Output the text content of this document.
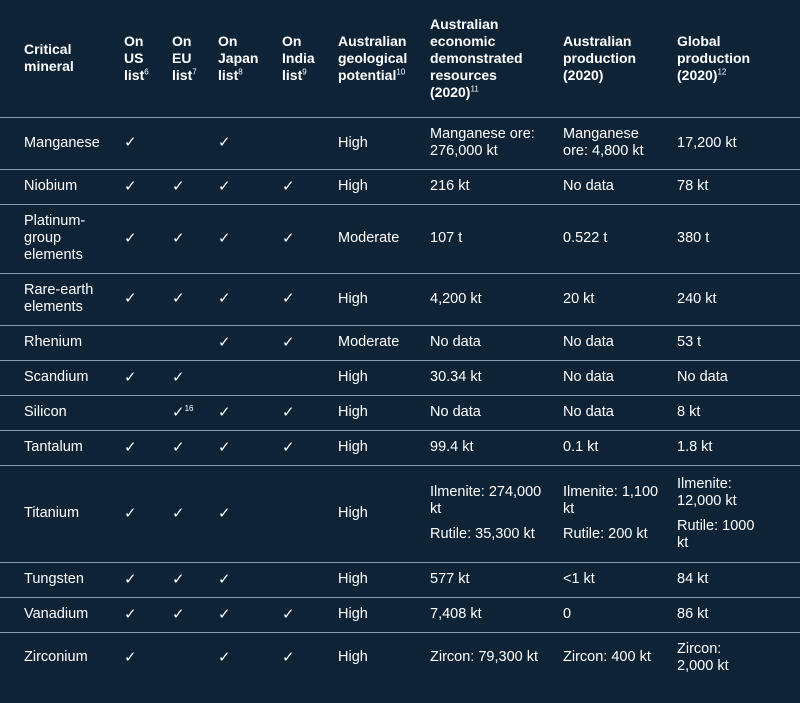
Critical mineral	On US list$^6$	On EU list$^7$	On Japan list$^8$	On India list$^9$	Australian geological potential$^{10}$	Australian economic demonstrated resources $(2020)^{11}$	Australian production (2020)	Global production $(2020)^{12}$

Manganese	✓		✓		High	Manganese ore: 276,000 kt	Manganese ore: 4,800 kt	17,200 kt

Niobium	✓	✓	✓	✓	High	216 kt	No data	78 kt

Platinum-group elements	✓	✓	✓	✓	Moderate	107 t	0.522 t	380 t

Rare-earth elements	✓	✓	✓	✓	High	4,200 kt	20 kt	240 kt

Rhenium			✓	✓	Moderate	No data	No data	53 t

Scandium	✓	✓			High	30.34 kt	No data	No data

Silicon		✓$^{16}$	✓	✓	High	No data	No data	8 kt

Tantalum	✓	✓	✓	✓	High	99.4 kt	0.1 kt	1.8 kt

Titanium	✓	✓	✓		High	Ilmenite: 274,000 kt
Rutile: 35,300 kt	Ilmenite: 1,100 kt
Rutile: 200 kt	Ilmenite: 12,000 kt
Rutile: 1000 kt

Tungsten	✓	✓	✓		High	577 kt	<1 kt	84 kt

Vanadium	✓	✓	✓	✓	High	7,408 kt	0	86 kt

Zirconium	✓		✓	✓	High	Zircon: 79,300 kt	Zircon: 400 kt	Zircon: 2,000 kt
